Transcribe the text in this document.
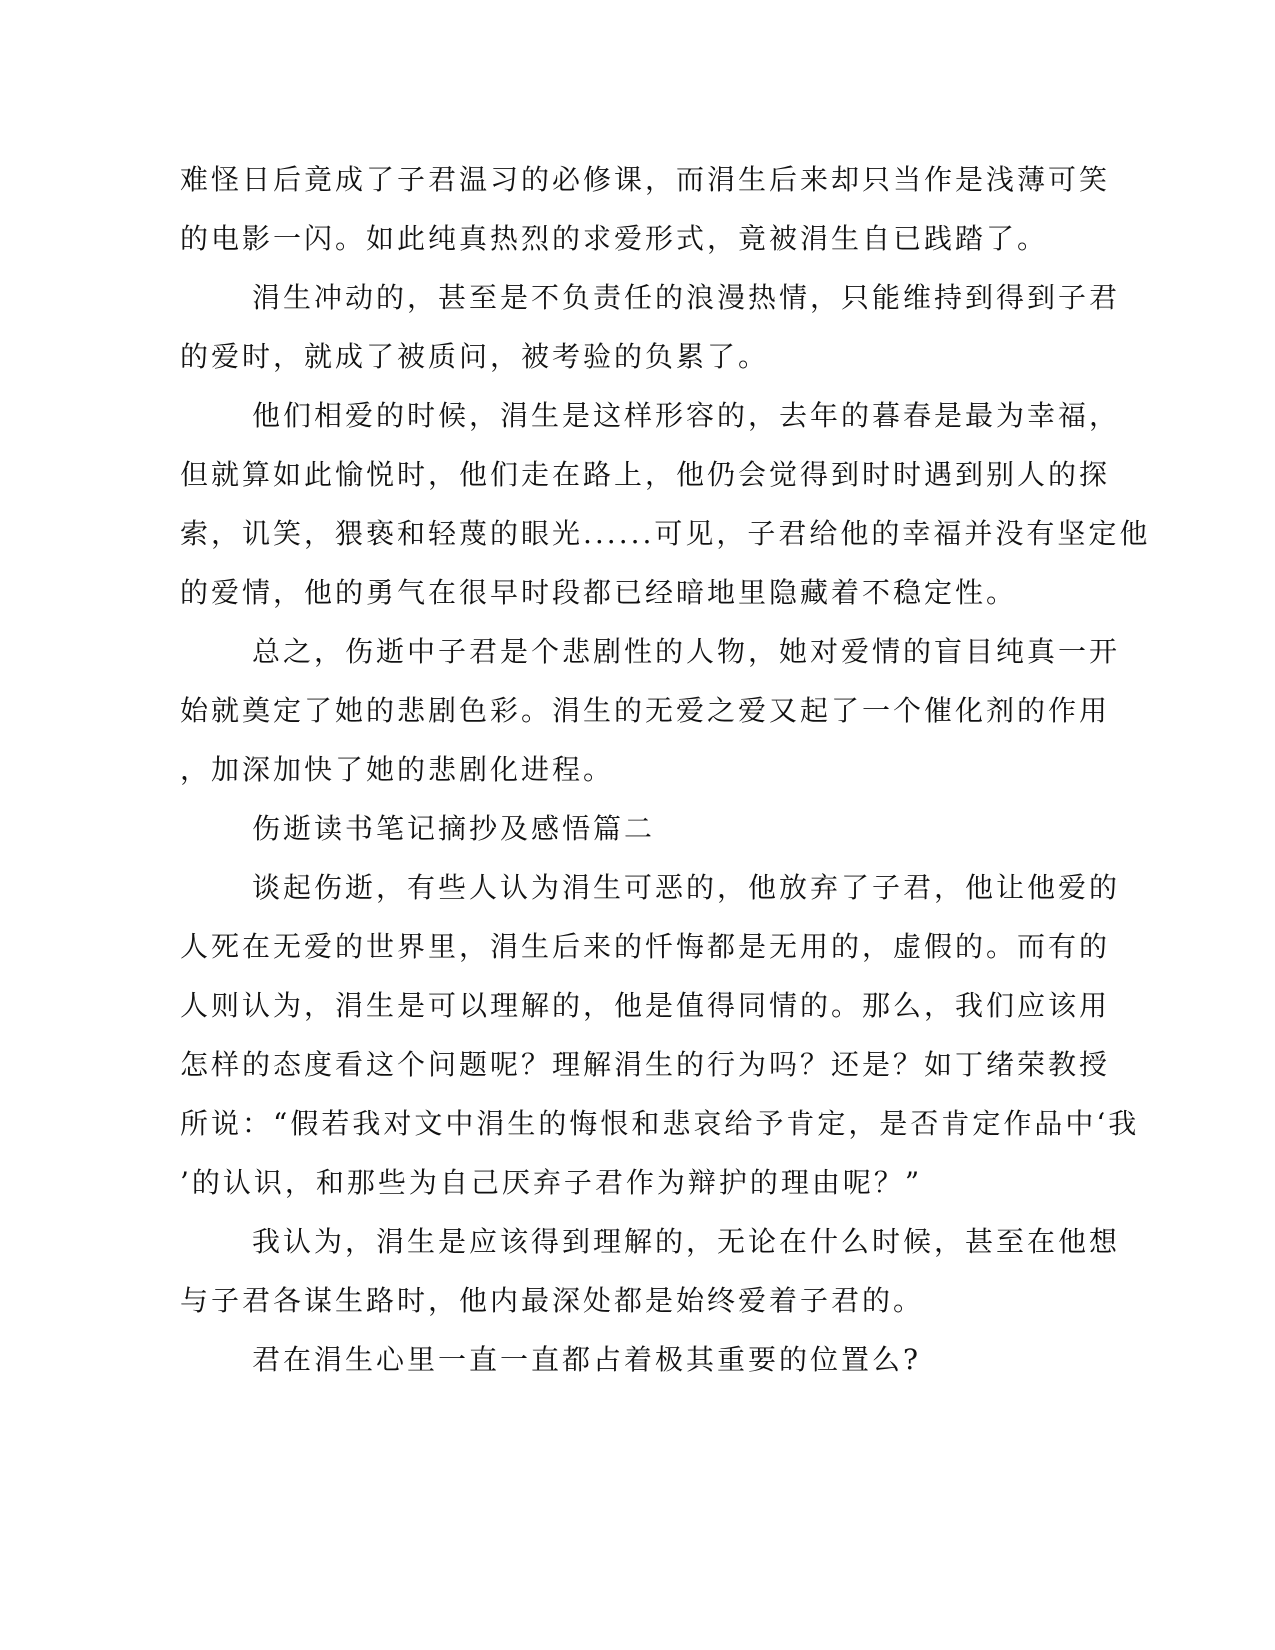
难怪日后竟成了子君温习的必修课，而涓生后来却只当作是浅薄可笑
的电影一闪。如此纯真热烈的求爱形式，竟被涓生自已践踏了。
涓生冲动的，甚至是不负责任的浪漫热情，只能维持到得到子君
的爱时，就成了被质问，被考验的负累了。
他们相爱的时候，涓生是这样形容的，去年的暮春是最为幸福，
但就算如此愉悦时，他们走在路上，他仍会觉得到时时遇到别人的探
索，讥笑，猥亵和轻蔑的眼光......可见，子君给他的幸福并没有坚定他
的爱情，他的勇气在很早时段都已经暗地里隐藏着不稳定性。
总之，伤逝中子君是个悲剧性的人物，她对爱情的盲目纯真一开
始就奠定了她的悲剧色彩。涓生的无爱之爱又起了一个催化剂的作用
，加深加快了她的悲剧化进程。
伤逝读书笔记摘抄及感悟篇二
谈起伤逝，有些人认为涓生可恶的，他放弃了子君，他让他爱的
人死在无爱的世界里，涓生后来的忏悔都是无用的，虚假的。而有的
人则认为，涓生是可以理解的，他是值得同情的。那么，我们应该用
怎样的态度看这个问题呢？理解涓生的行为吗？还是？如丁绪荣教授
所说：“假若我对文中涓生的悔恨和悲哀给予肯定，是否肯定作品中‘我
’的认识，和那些为自己厌弃子君作为辩护的理由呢？”
我认为，涓生是应该得到理解的，无论在什么时候，甚至在他想
与子君各谋生路时，他内最深处都是始终爱着子君的。
君在涓生心里一直一直都占着极其重要的位置么?
